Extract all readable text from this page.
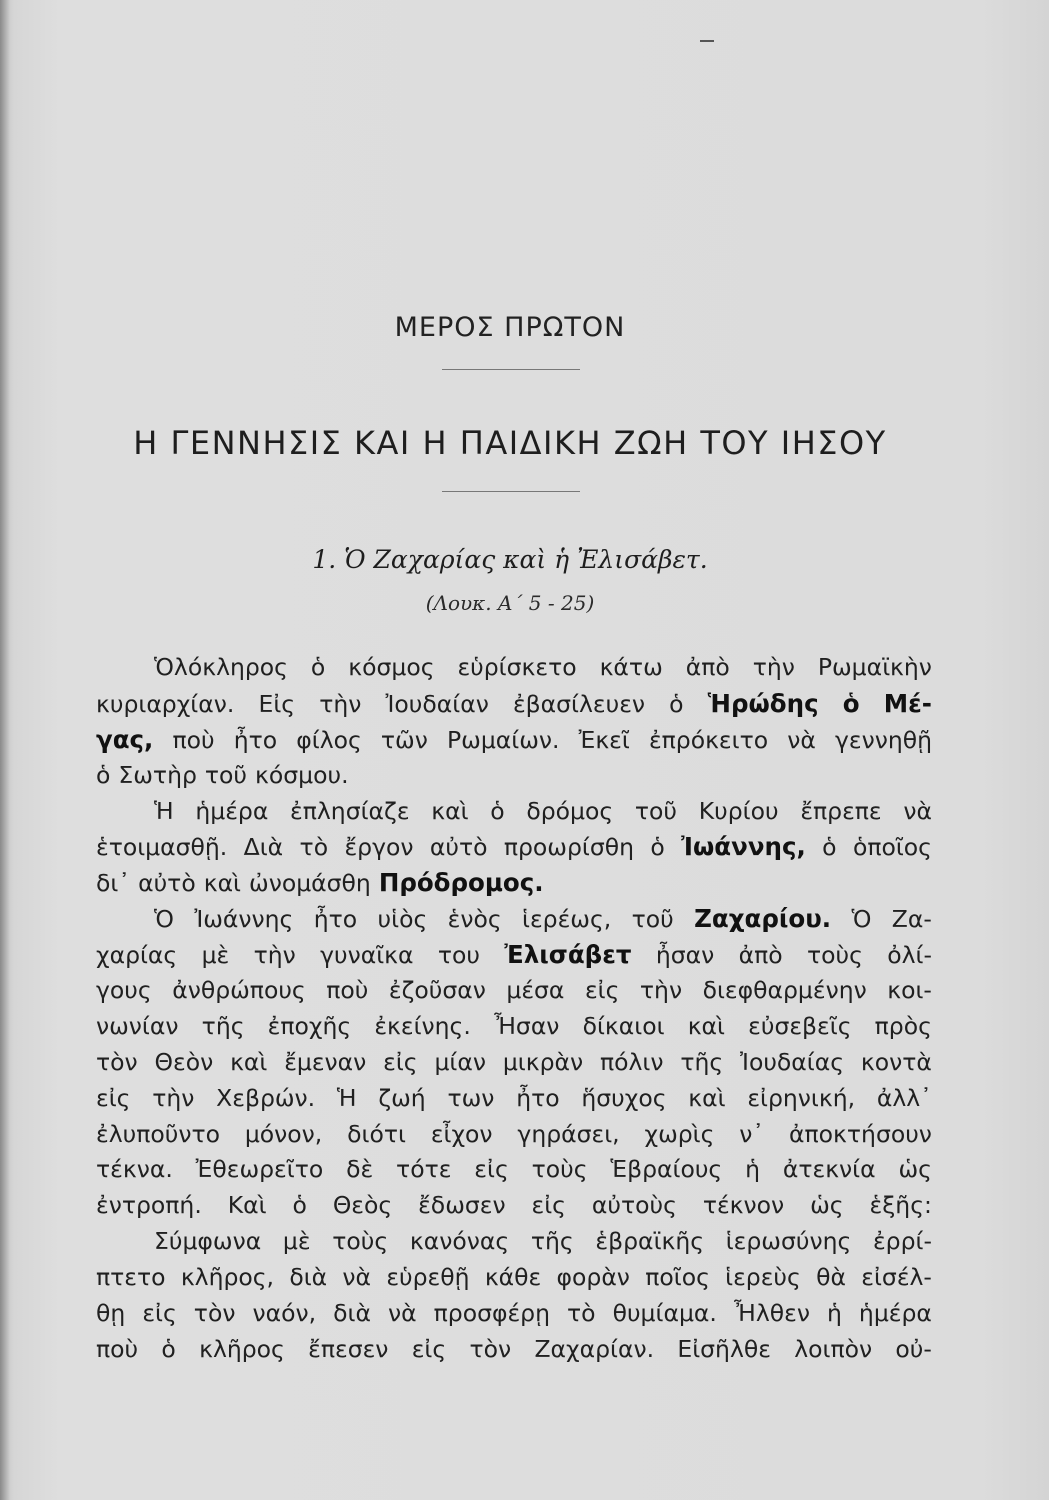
ΜΕΡΟΣ ΠΡΩΤΟΝ
Η ΓΕΝΝΗΣΙΣ ΚΑΙ Η ΠΑΙΔΙΚΗ ΖΩΗ ΤΟΥ ΙΗΣΟΥ
1. Ὁ Ζαχαρίας καὶ ἡ Ἐλισάβετ.
(Λουκ. Α΄ 5 - 25)
Ὁλόκληρος ὁ κόσμος εὑρίσκετο κάτω ἀπὸ τὴν Ρωμαϊκὴν
κυριαρχίαν. Εἰς τὴν Ἰουδαίαν ἐβασίλευεν ὁ Ἡρώδης ὁ Μέ-
γας, ποὺ ἦτο φίλος τῶν Ρωμαίων. Ἐκεῖ ἐπρόκειτο νὰ γεννηθῇ
ὁ Σωτὴρ τοῦ κόσμου.
Ἡ ἡμέρα ἐπλησίαζε καὶ ὁ δρόμος τοῦ Κυρίου ἔπρεπε νὰ
ἑτοιμασθῇ. Διὰ τὸ ἔργον αὐτὸ προωρίσθη ὁ Ἰωάννης, ὁ ὁποῖος
δι᾿ αὐτὸ καὶ ὠνομάσθη Πρόδρομος.
Ὁ Ἰωάννης ἦτο υἱὸς ἑνὸς ἱερέως, τοῦ Ζαχαρίου. Ὁ Ζα-
χαρίας μὲ τὴν γυναῖκα του Ἐλισάβετ ἦσαν ἀπὸ τοὺς ὀλί-
γους ἀνθρώπους ποὺ ἐζοῦσαν μέσα εἰς τὴν διεφθαρμένην κοι-
νωνίαν τῆς ἐποχῆς ἐκείνης. Ἦσαν δίκαιοι καὶ εὐσεβεῖς πρὸς
τὸν Θεὸν καὶ ἔμεναν εἰς μίαν μικρὰν πόλιν τῆς Ἰουδαίας κοντὰ
εἰς τὴν Χεβρών. Ἡ ζωή των ἦτο ἥσυχος καὶ εἰρηνική, ἀλλ᾿
ἐλυποῦντο μόνον, διότι εἶχον γηράσει, χωρὶς ν᾿ ἀποκτήσουν
τέκνα. Ἐθεωρεῖτο δὲ τότε εἰς τοὺς Ἑβραίους ἡ ἀτεκνία ὡς
ἐντροπή. Καὶ ὁ Θεὸς ἔδωσεν εἰς αὐτοὺς τέκνον ὡς ἑξῆς:
Σύμφωνα μὲ τοὺς κανόνας τῆς ἑβραϊκῆς ἱερωσύνης ἐρρί-
πτετο κλῆρος, διὰ νὰ εὑρεθῇ κάθε φορὰν ποῖος ἱερεὺς θὰ εἰσέλ-
θῃ εἰς τὸν ναόν, διὰ νὰ προσφέρῃ τὸ θυμίαμα. Ἦλθεν ἡ ἡμέρα
ποὺ ὁ κλῆρος ἔπεσεν εἰς τὸν Ζαχαρίαν. Εἰσῆλθε λοιπὸν οὐ-
